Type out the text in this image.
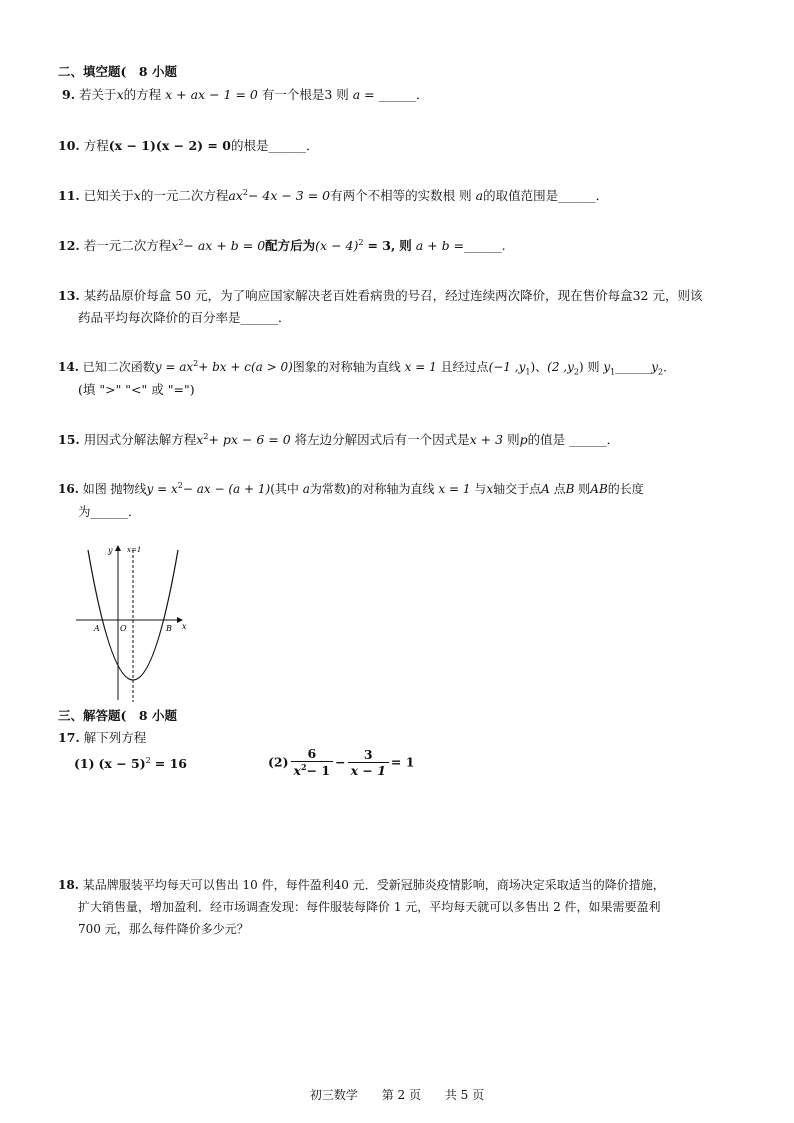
二、填空题(　8 小题
9. 若关于x的方程 x + ax − 1 = 0 有一个根是3 则 a = ______．
10. 方程(x − 1)(x − 2) = 0的根是______．
11. 已知关于x的一元二次方程$ax^2- 4x - 3 = 0$有两个不相等的实数根 则 a的取值范围是______．
12. 若一元二次方程$x^2-$ ax + b = 0配方后为$(x - 4)^2 = 3$, 则 a + b =______.
13. 某药品原价每盒 50 元，为了响应国家解决老百姓看病贵的号召，经过连续两次降价，现在售价每盒32 元，则该
药品平均每次降价的百分率是______．
14. 已知二次函数$y = ax^2+$ bx + c(a > 0)图象的对称轴为直线 x = 1 且经过点(−1 $,y_1$)、(2 $,y_2$) 则 $y_1\_\_\_\_\_\_y_2$．
(填 ">" "<" 或 "=")
15. 用因式分解法解方程$x^2+$ px − 6 = 0 将左边分解因式后有一个因式是x + 3 则p的值是 ______．
16. 如图 抛物线$y = x^2-$ ax − (a + 1)(其中 a为常数)的对称轴为直线 x = 1 与x轴交于点A 点B 则AB的长度
为______．
y
x
x=1
A	O	B
三、解答题(　8 小题
17. 解下列方程
(1) $(x - 5)^2 = 16$	$(2) \frac{6}{x^2- 1} - \frac{3}{x - 1} = 1$
18. 某品牌服装平均每天可以售出 10 件，每件盈利40 元．受新冠肺炎疫情影响，商场决定采取适当的降价措施，
扩大销售量，增加盈利．经市场调查发现：每件服装每降价 1 元，平均每天就可以多售出 2 件，如果需要盈利
700 元，那么每件降价多少元？
初三数学 第 2 页 共 5 页
